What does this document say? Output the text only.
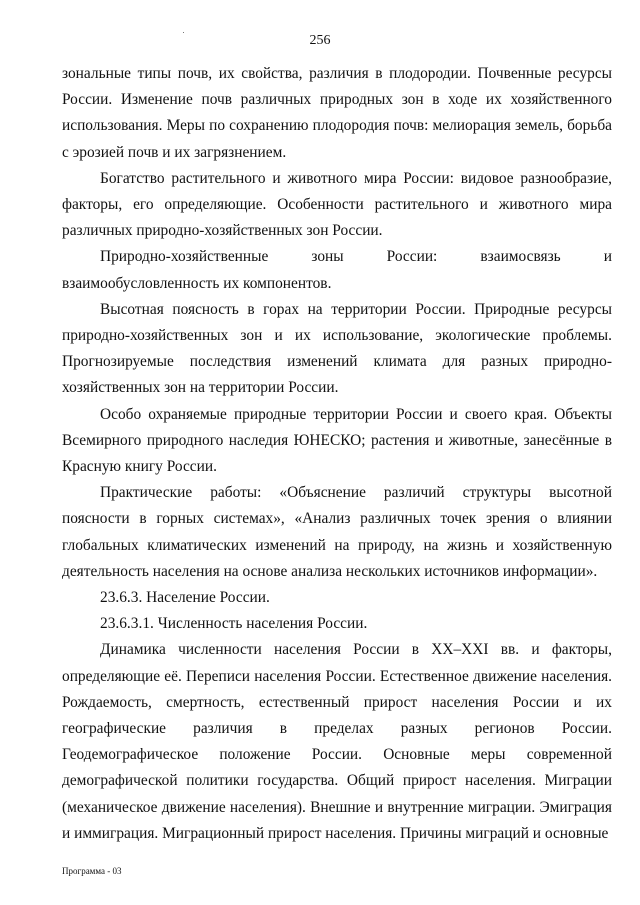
256

зональные типы почв, их свойства, различия в плодородии. Почвенные ресурсы России. Изменение почв различных природных зон в ходе их хозяйственного использования. Меры по сохранению плодородия почв: мелиорация земель, борьба с эрозией почв и их загрязнением.

Богатство растительного и животного мира России: видовое разнообразие, факторы, его определяющие. Особенности растительного и животного мира различных природно-хозяйственных зон России.

Природно-хозяйственные зоны России: взаимосвязь и взаимообусловленность их компонентов.

Высотная поясность в горах на территории России. Природные ресурсы природно-хозяйственных зон и их использование, экологические проблемы. Прогнозируемые последствия изменений климата для разных природно-хозяйственных зон на территории России.

Особо охраняемые природные территории России и своего края. Объекты Всемирного природного наследия ЮНЕСКО; растения и животные, занесённые в Красную книгу России.

Практические работы: «Объяснение различий структуры высотной поясности в горных системах», «Анализ различных точек зрения о влиянии глобальных климатических изменений на природу, на жизнь и хозяйственную деятельность населения на основе анализа нескольких источников информации».

23.6.3. Население России.

23.6.3.1. Численность населения России.

Динамика численности населения России в XX–XXI вв. и факторы, определяющие её. Переписи населения России. Естественное движение населения. Рождаемость, смертность, естественный прирост населения России и их географические различия в пределах разных регионов России. Геодемографическое положение России. Основные меры современной демографической политики государства. Общий прирост населения. Миграции (механическое движение населения). Внешние и внутренние миграции. Эмиграция и иммиграция. Миграционный прирост населения. Причины миграций и основные

Программа - 03
